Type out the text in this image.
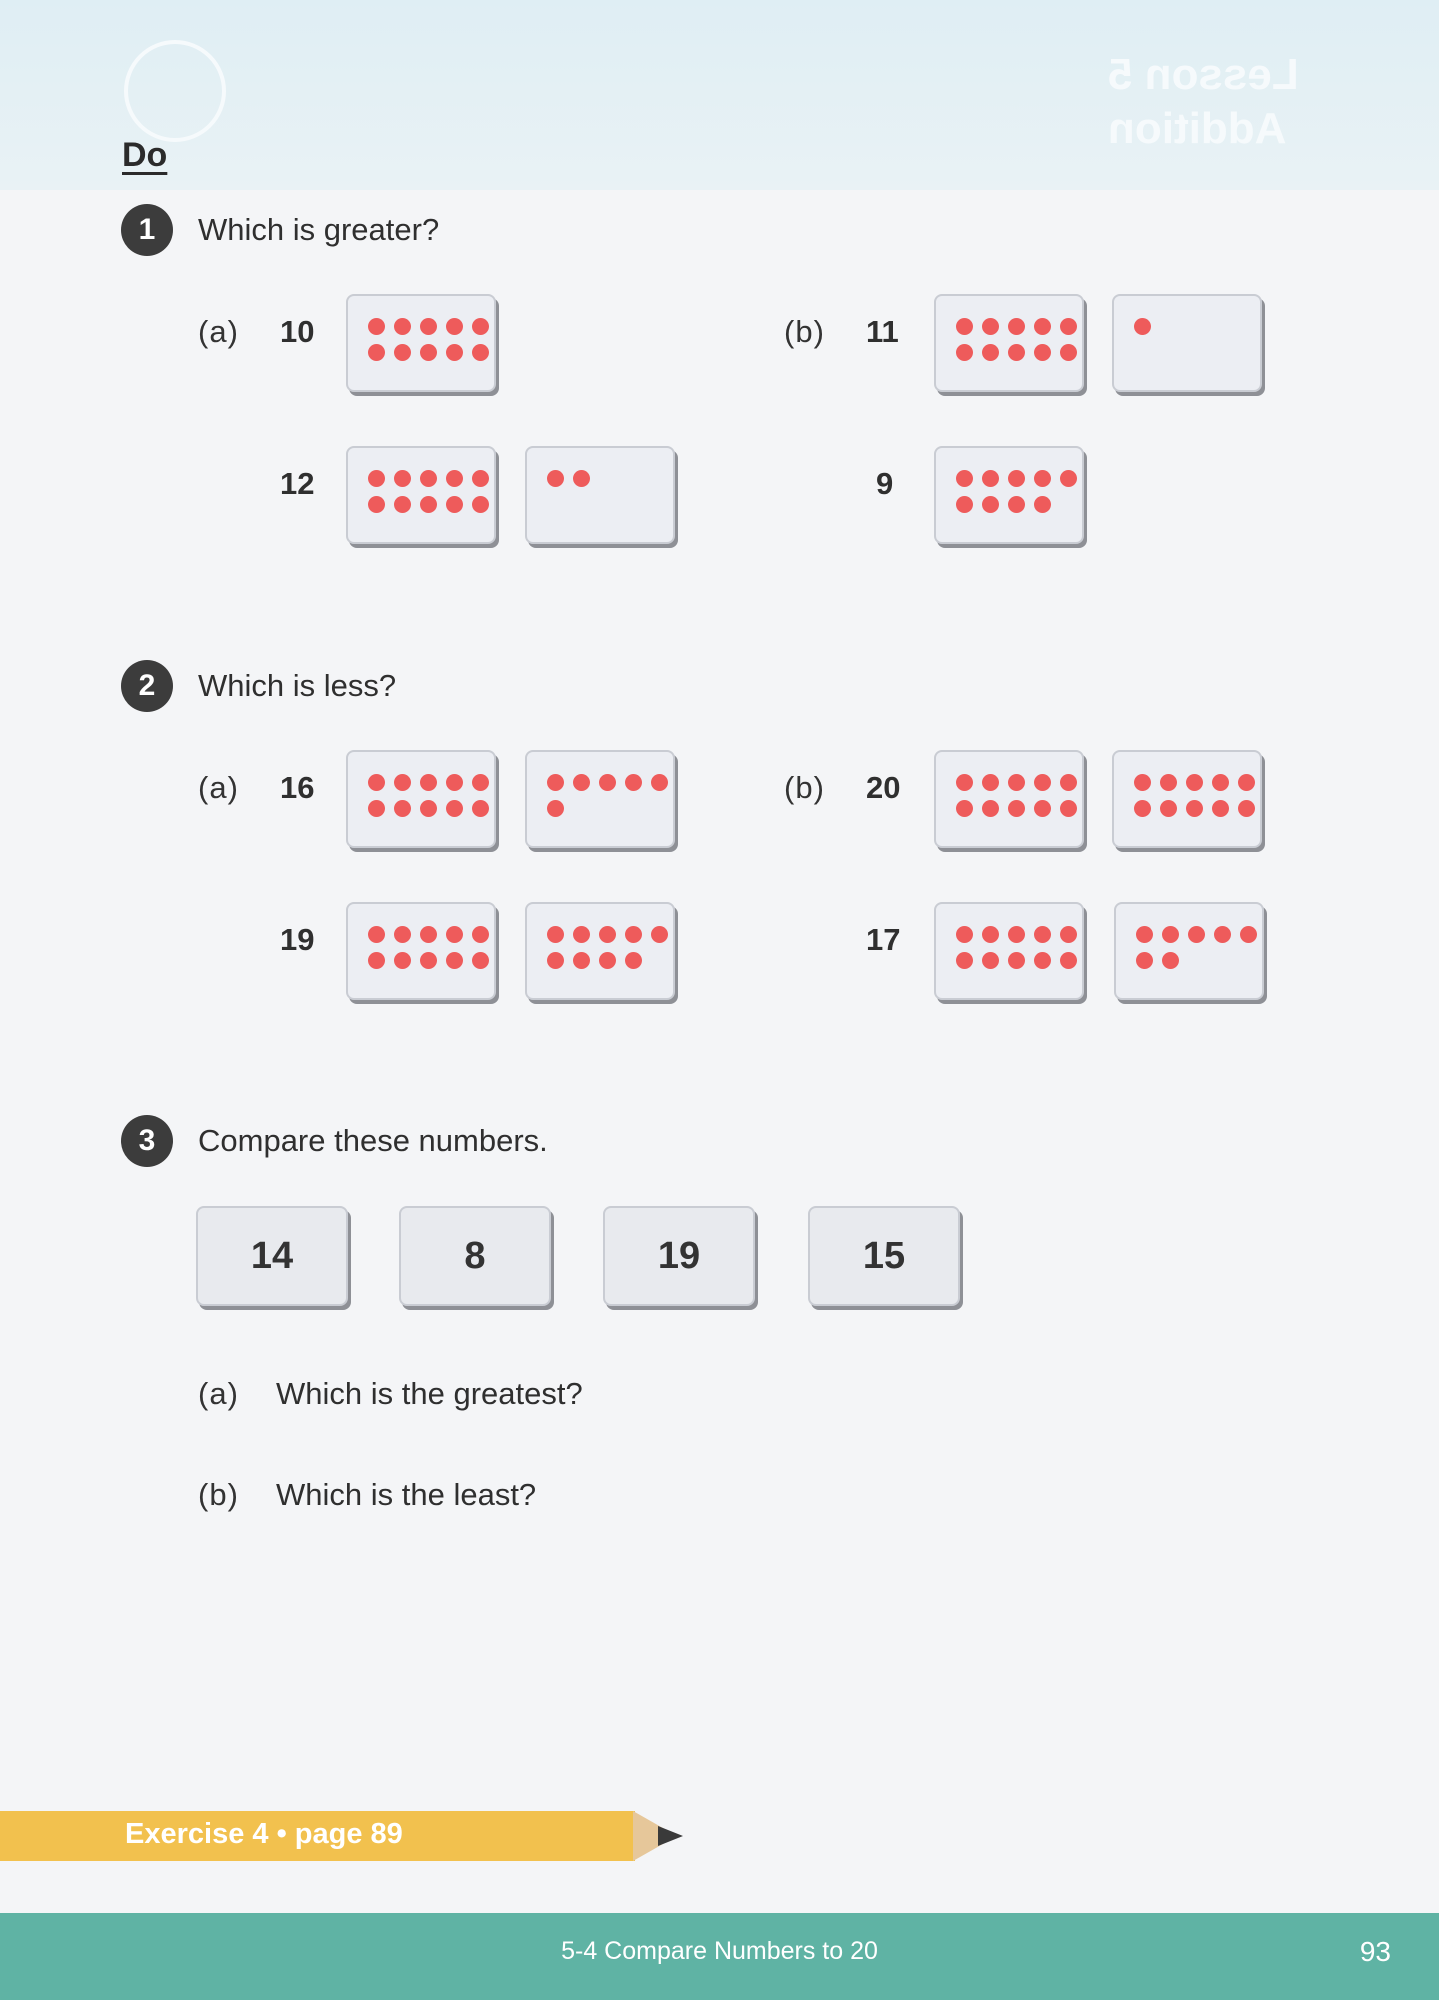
Lesson 5
Addition
Do
1	Which is greater?
(a) 10
12
(b) 11
9
2	Which is less?
(a) 16
19
(b) 20
17
3	Compare these numbers.
14	8	19	15
(a) Which is the greatest?
(b) Which is the least?
Exercise 4 • page 89
5-4 Compare Numbers to 20	93
